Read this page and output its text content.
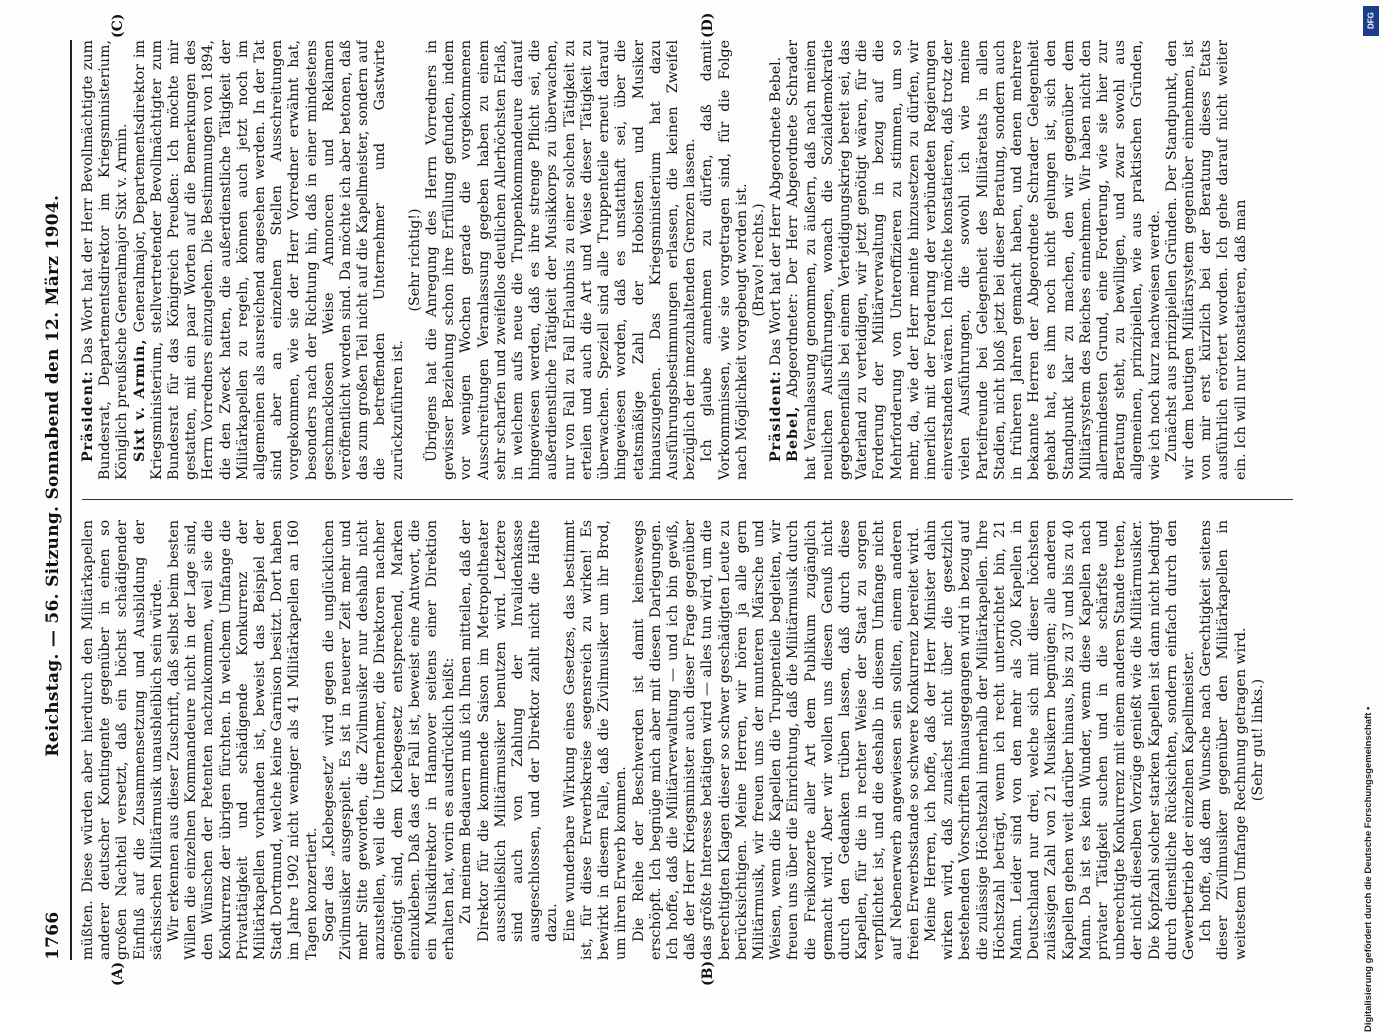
1766
Reichstag. — 56. Sitzung. Sonnabend den 12. März 1904.
(A)	(B)
(C)	(D)

müßten. Diese würden aber hierdurch den Militärkapellen anderer deutscher Kontingente gegenüber in einen so großen Nachteil versetzt, daß ein höchst schädigender Einfluß auf die Zusammensetzung und Ausbildung der sächsischen Militärmusik unausbleiblich sein würde. Wir erkennen aus dieser Zuschrift, daß selbst beim besten Willen die einzelnen Kommandeure nicht in der Lage sind, den Wünschen der Petenten nachzukommen, weil sie die Konkurrenz der übrigen fürchten. In welchem Umfange die Privattätigkeit und schädigende Konkurrenz der Militärkapellen vorhanden ist, beweist das Beispiel der Stadt Dortmund, welche keine Garnison besitzt. Dort haben im Jahre 1902 nicht weniger als 41 Militärkapellen an 160 Tagen konzertiert. Sogar das „Klebegesetz“ wird gegen die unglücklichen Zivilmusiker ausgespielt. Es ist in neuerer Zeit mehr und mehr Sitte geworden, die Zivilmusiker nur deshalb nicht anzustellen, weil die Unternehmer, die Direktoren nachher genötigt sind, dem Klebegesetz entsprechend, Marken einzukleben. Daß das der Fall ist, beweist eine Antwort, die ein Musikdirektor in Hannover seitens einer Direktion erhalten hat, worin es ausdrücklich heißt: Zu meinem Bedauern muß ich Ihnen mitteilen, daß der Direktor für die kommende Saison im Metropoltheater ausschließlich Militärmusiker benutzen wird. Letztere sind auch von Zahlung der Invalidenkasse ausgeschlossen, und der Direktor zahlt nicht die Hälfte dazu. Eine wunderbare Wirkung eines Gesetzes, das bestimmt ist, für diese Erwerbskreise segensreich zu wirken! Es bewirkt in diesem Falle, daß die Zivilmusiker um ihr Brod, um ihren Erwerb kommen. Die Reihe der Beschwerden ist damit keineswegs erschöpft. Ich begnüge mich aber mit diesen Darlegungen. Ich hoffe, daß die Militärverwaltung — und ich bin gewiß, daß der Herr Kriegsminister auch dieser Frage gegenüber das größte Interesse betätigen wird — alles tun wird, um die berechtigten Klagen dieser so schwer geschädigten Leute zu berücksichtigen. Meine Herren, wir hören ja alle gern Militärmusik, wir freuen uns der munteren Märsche und Weisen, wenn die Kapellen die Truppenteile begleiten, wir freuen uns über die Einrichtung, daß die Militärmusik durch die Freikonzerte aller Art dem Publikum zugänglich gemacht wird. Aber wir wollen uns diesen Genuß nicht durch den Gedanken trüben lassen, daß durch diese Kapellen, für die in rechter Weise der Staat zu sorgen verpflichtet ist, und die deshalb in diesem Umfange nicht auf Nebenerwerb angewiesen sein sollten, einem anderen freien Erwerbsstande so schwere Konkurrenz bereitet wird. Meine Herren, ich hoffe, daß der Herr Minister dahin wirken wird, daß zunächst nicht über die gesetzlich bestehenden Vorschriften hinausgegangen wird in bezug auf die zulässige Höchstzahl innerhalb der Militärkapellen. Ihre Höchstzahl beträgt, wenn ich recht unterrichtet bin, 21 Mann. Leider sind von den mehr als 200 Kapellen in Deutschland nur drei, welche sich mit dieser höchsten zulässigen Zahl von 21 Musikern begnügen; alle anderen Kapellen gehen weit darüber hinaus, bis zu 37 und bis zu 40 Mann. Da ist es kein Wunder, wenn diese Kapellen nach privater Tätigkeit suchen und in die schärfste und unberechtigte Konkurrenz mit einem anderen Stande treten, der nicht dieselben Vorzüge genießt wie die Militärmusiker. Die Kopfzahl solcher starken Kapellen ist dann nicht bedingt durch dienstliche Rücksichten, sondern einfach durch den Gewerbetrieb der einzelnen Kapellmeister. Ich hoffe, daß dem Wunsche nach Gerechtigkeit seitens dieser Zivilmusiker gegenüber den Militärkapellen in weitestem Umfange Rechnung getragen wird. (Sehr gut! links.)

Präsident: Das Wort hat der Herr Bevollmächtigte zum Bundesrat, Departementsdirektor im Kriegsministerium, Königlich preußische Generalmajor Sixt v. Armin. Sixt v. Armin, Generalmajor, Departementsdirektor im Kriegsministerium, stellvertretender Bevollmächtigter zum Bundesrat für das Königreich Preußen: Ich möchte mir gestatten, mit ein paar Worten auf die Bemerkungen des Herrn Vorredners einzugehen. Die Bestimmungen von 1894, die den Zweck hatten, die außerdienstliche Tätigkeit der Militärkapellen zu regeln, können auch jetzt noch im allgemeinen als ausreichend angesehen werden. In der Tat sind aber an einzelnen Stellen Ausschreitungen vorgekommen, wie sie der Herr Vorredner erwähnt hat, besonders nach der Richtung hin, daß in einer mindestens geschmacklosen Weise Annoncen und Reklamen veröffentlicht worden sind. Da möchte ich aber betonen, daß das zum großen Teil nicht auf die Kapellmeister, sondern auf die betreffenden Unternehmer und Gastwirte zurückzuführen ist.

(Sehr richtig!) Übrigens hat die Anregung des Herrn Vorredners in gewisser Beziehung schon ihre Erfüllung gefunden, indem vor wenigen Wochen gerade die vorgekommenen Ausschreitungen Veranlassung gegeben haben zu einem sehr scharfen und zweifellos deutlichen Allerhöchsten Erlaß, in welchem aufs neue die Truppenkommandeure darauf hingewiesen werden, daß es ihre strenge Pflicht sei, die außerdienstliche Tätigkeit der Musikkorps zu überwachen, nur von Fall zu Fall Erlaubnis zu einer solchen Tätigkeit zu erteilen und auch die Art und Weise dieser Tätigkeit zu überwachen. Speziell sind alle Truppenteile erneut darauf hingewiesen worden, daß es unstatthaft sei, über die etatsmäßige Zahl der Hoboisten und Musiker hinauszugehen. Das Kriegsministerium hat dazu Ausführungsbestimmungen erlassen, die keinen Zweifel bezüglich der innezuhaltenden Grenzen lassen. Ich glaube annehmen zu dürfen, daß damit Vorkommnissen, wie sie vorgetragen sind, für die Folge nach Möglichkeit vorgebeugt worden ist. (Bravo! rechts.)

Präsident: Das Wort hat der Herr Abgeordnete Bebel.

Bebel, Abgeordneter: Der Herr Abgeordnete Schrader hat Veranlassung genommen, zu äußern, daß nach meinen neulichen Ausführungen, wonach die Sozialdemokratie gegebenenfalls bei einem Verteidigungskrieg bereit sei, das Vaterland zu verteidigen, wir jetzt genötigt wären, für die Forderung der Militärverwaltung in bezug auf die Mehrforderung von Unteroffizieren zu stimmen, um so mehr, da, wie der Herr meinte hinzusetzen zu dürfen, wir innerlich mit der Forderung der verbündeten Regierungen einverstanden wären. Ich möchte konstatieren, daß trotz der vielen Ausführungen, die sowohl ich wie meine Parteifreunde bei Gelegenheit des Militäretats in allen Stadien, nicht bloß jetzt bei dieser Beratung, sondern auch in früheren Jahren gemacht haben, und denen mehrere bekannte Herren der Abgeordnete Schrader Gelegenheit gehabt hat, es ihm noch nicht gelungen ist, sich den Standpunkt klar zu machen, den wir gegenüber dem Militärsystem des Reiches einnehmen. Wir haben nicht den allermindesten Grund, eine Forderung, wie sie hier zur Beratung steht, zu bewilligen, und zwar sowohl aus allgemeinen, prinzipiellen, wie aus praktischen Gründen, wie ich noch kurz nachweisen werde. Zunächst aus prinzipiellen Gründen. Der Standpunkt, den wir dem heutigen Militärsystem gegenüber einnehmen, ist von mir erst kürzlich bei der Beratung dieses Etats ausführlich erörtert worden. Ich gehe darauf nicht weiter ein. Ich will nur konstatieren, daß man

DFG
Digitalisierung gefördert durch die Deutsche Forschungsgemeinschaft •
